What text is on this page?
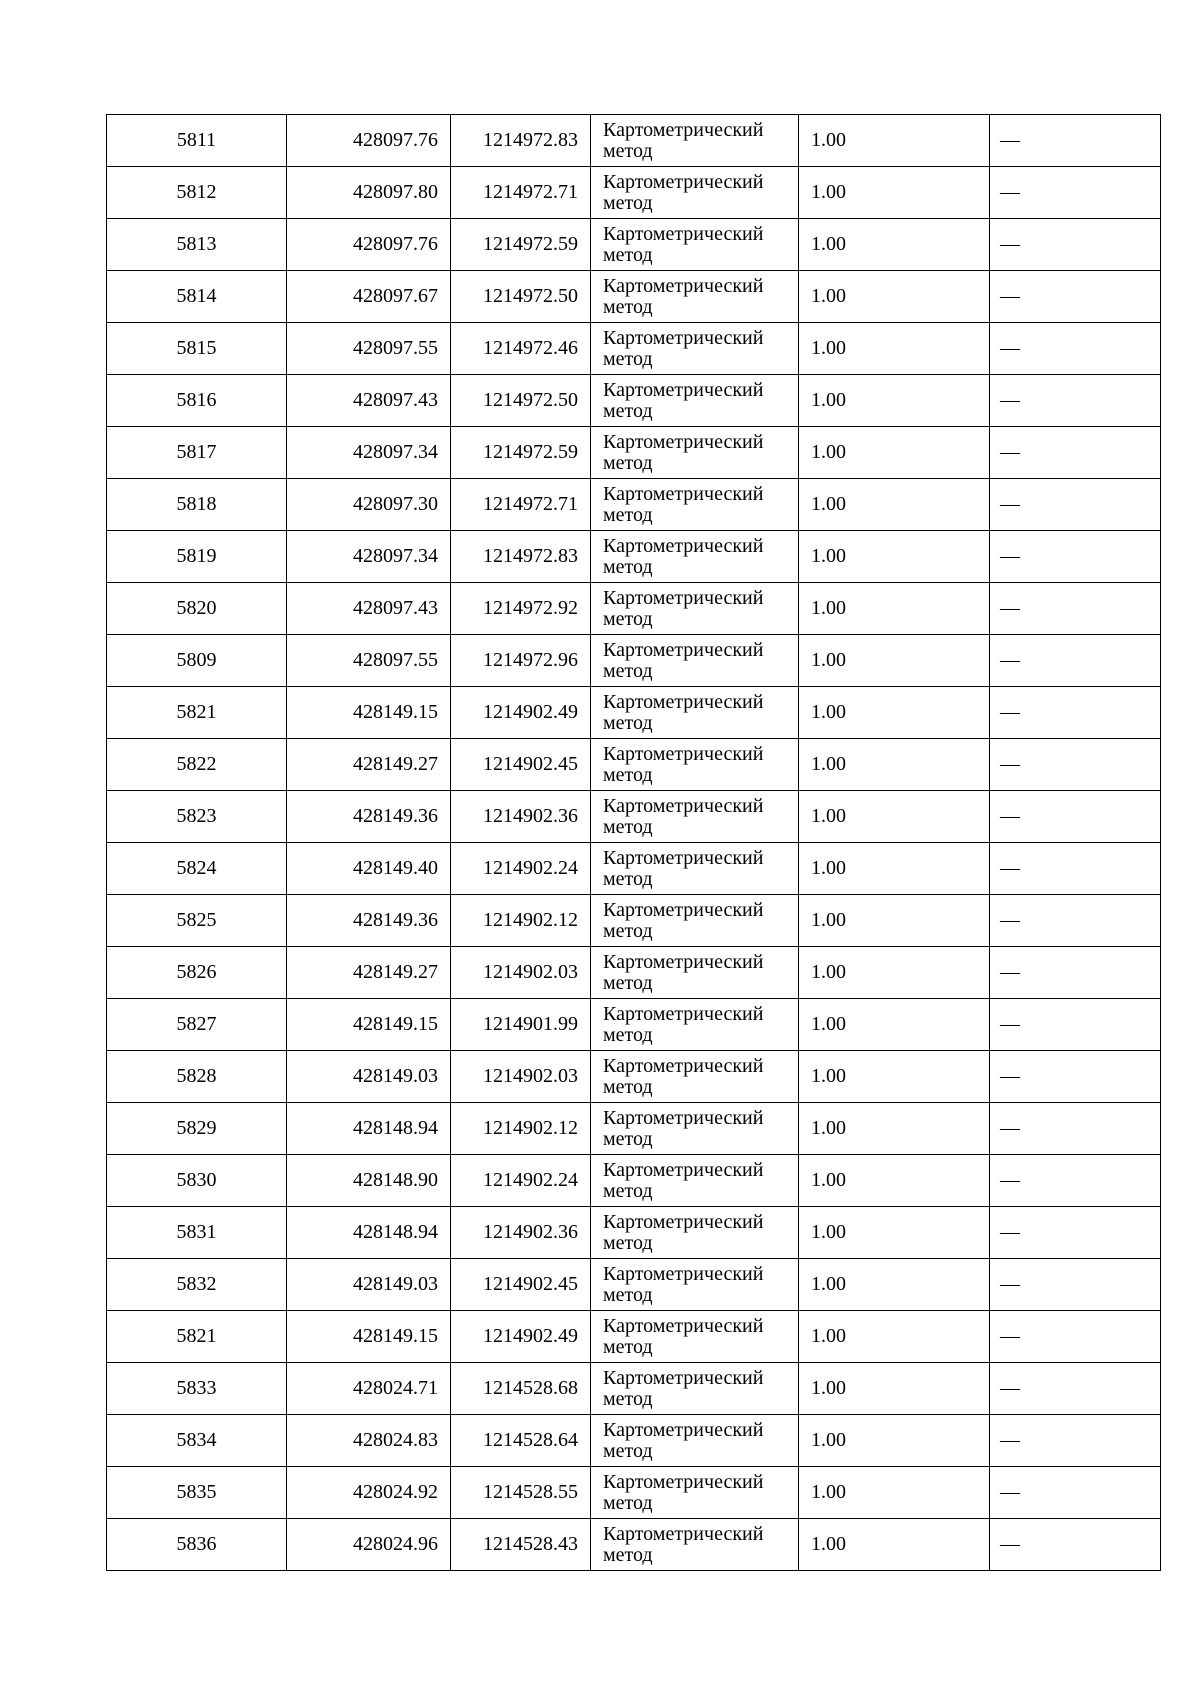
5811	428097.76	1214972.83	Картометрический метод	1.00	—
5812	428097.80	1214972.71	Картометрический метод	1.00	—
5813	428097.76	1214972.59	Картометрический метод	1.00	—
5814	428097.67	1214972.50	Картометрический метод	1.00	—
5815	428097.55	1214972.46	Картометрический метод	1.00	—
5816	428097.43	1214972.50	Картометрический метод	1.00	—
5817	428097.34	1214972.59	Картометрический метод	1.00	—
5818	428097.30	1214972.71	Картометрический метод	1.00	—
5819	428097.34	1214972.83	Картометрический метод	1.00	—
5820	428097.43	1214972.92	Картометрический метод	1.00	—
5809	428097.55	1214972.96	Картометрический метод	1.00	—
5821	428149.15	1214902.49	Картометрический метод	1.00	—
5822	428149.27	1214902.45	Картометрический метод	1.00	—
5823	428149.36	1214902.36	Картометрический метод	1.00	—
5824	428149.40	1214902.24	Картометрический метод	1.00	—
5825	428149.36	1214902.12	Картометрический метод	1.00	—
5826	428149.27	1214902.03	Картометрический метод	1.00	—
5827	428149.15	1214901.99	Картометрический метод	1.00	—
5828	428149.03	1214902.03	Картометрический метод	1.00	—
5829	428148.94	1214902.12	Картометрический метод	1.00	—
5830	428148.90	1214902.24	Картометрический метод	1.00	—
5831	428148.94	1214902.36	Картометрический метод	1.00	—
5832	428149.03	1214902.45	Картометрический метод	1.00	—
5821	428149.15	1214902.49	Картометрический метод	1.00	—
5833	428024.71	1214528.68	Картометрический метод	1.00	—
5834	428024.83	1214528.64	Картометрический метод	1.00	—
5835	428024.92	1214528.55	Картометрический метод	1.00	—
5836	428024.96	1214528.43	Картометрический метод	1.00	—
